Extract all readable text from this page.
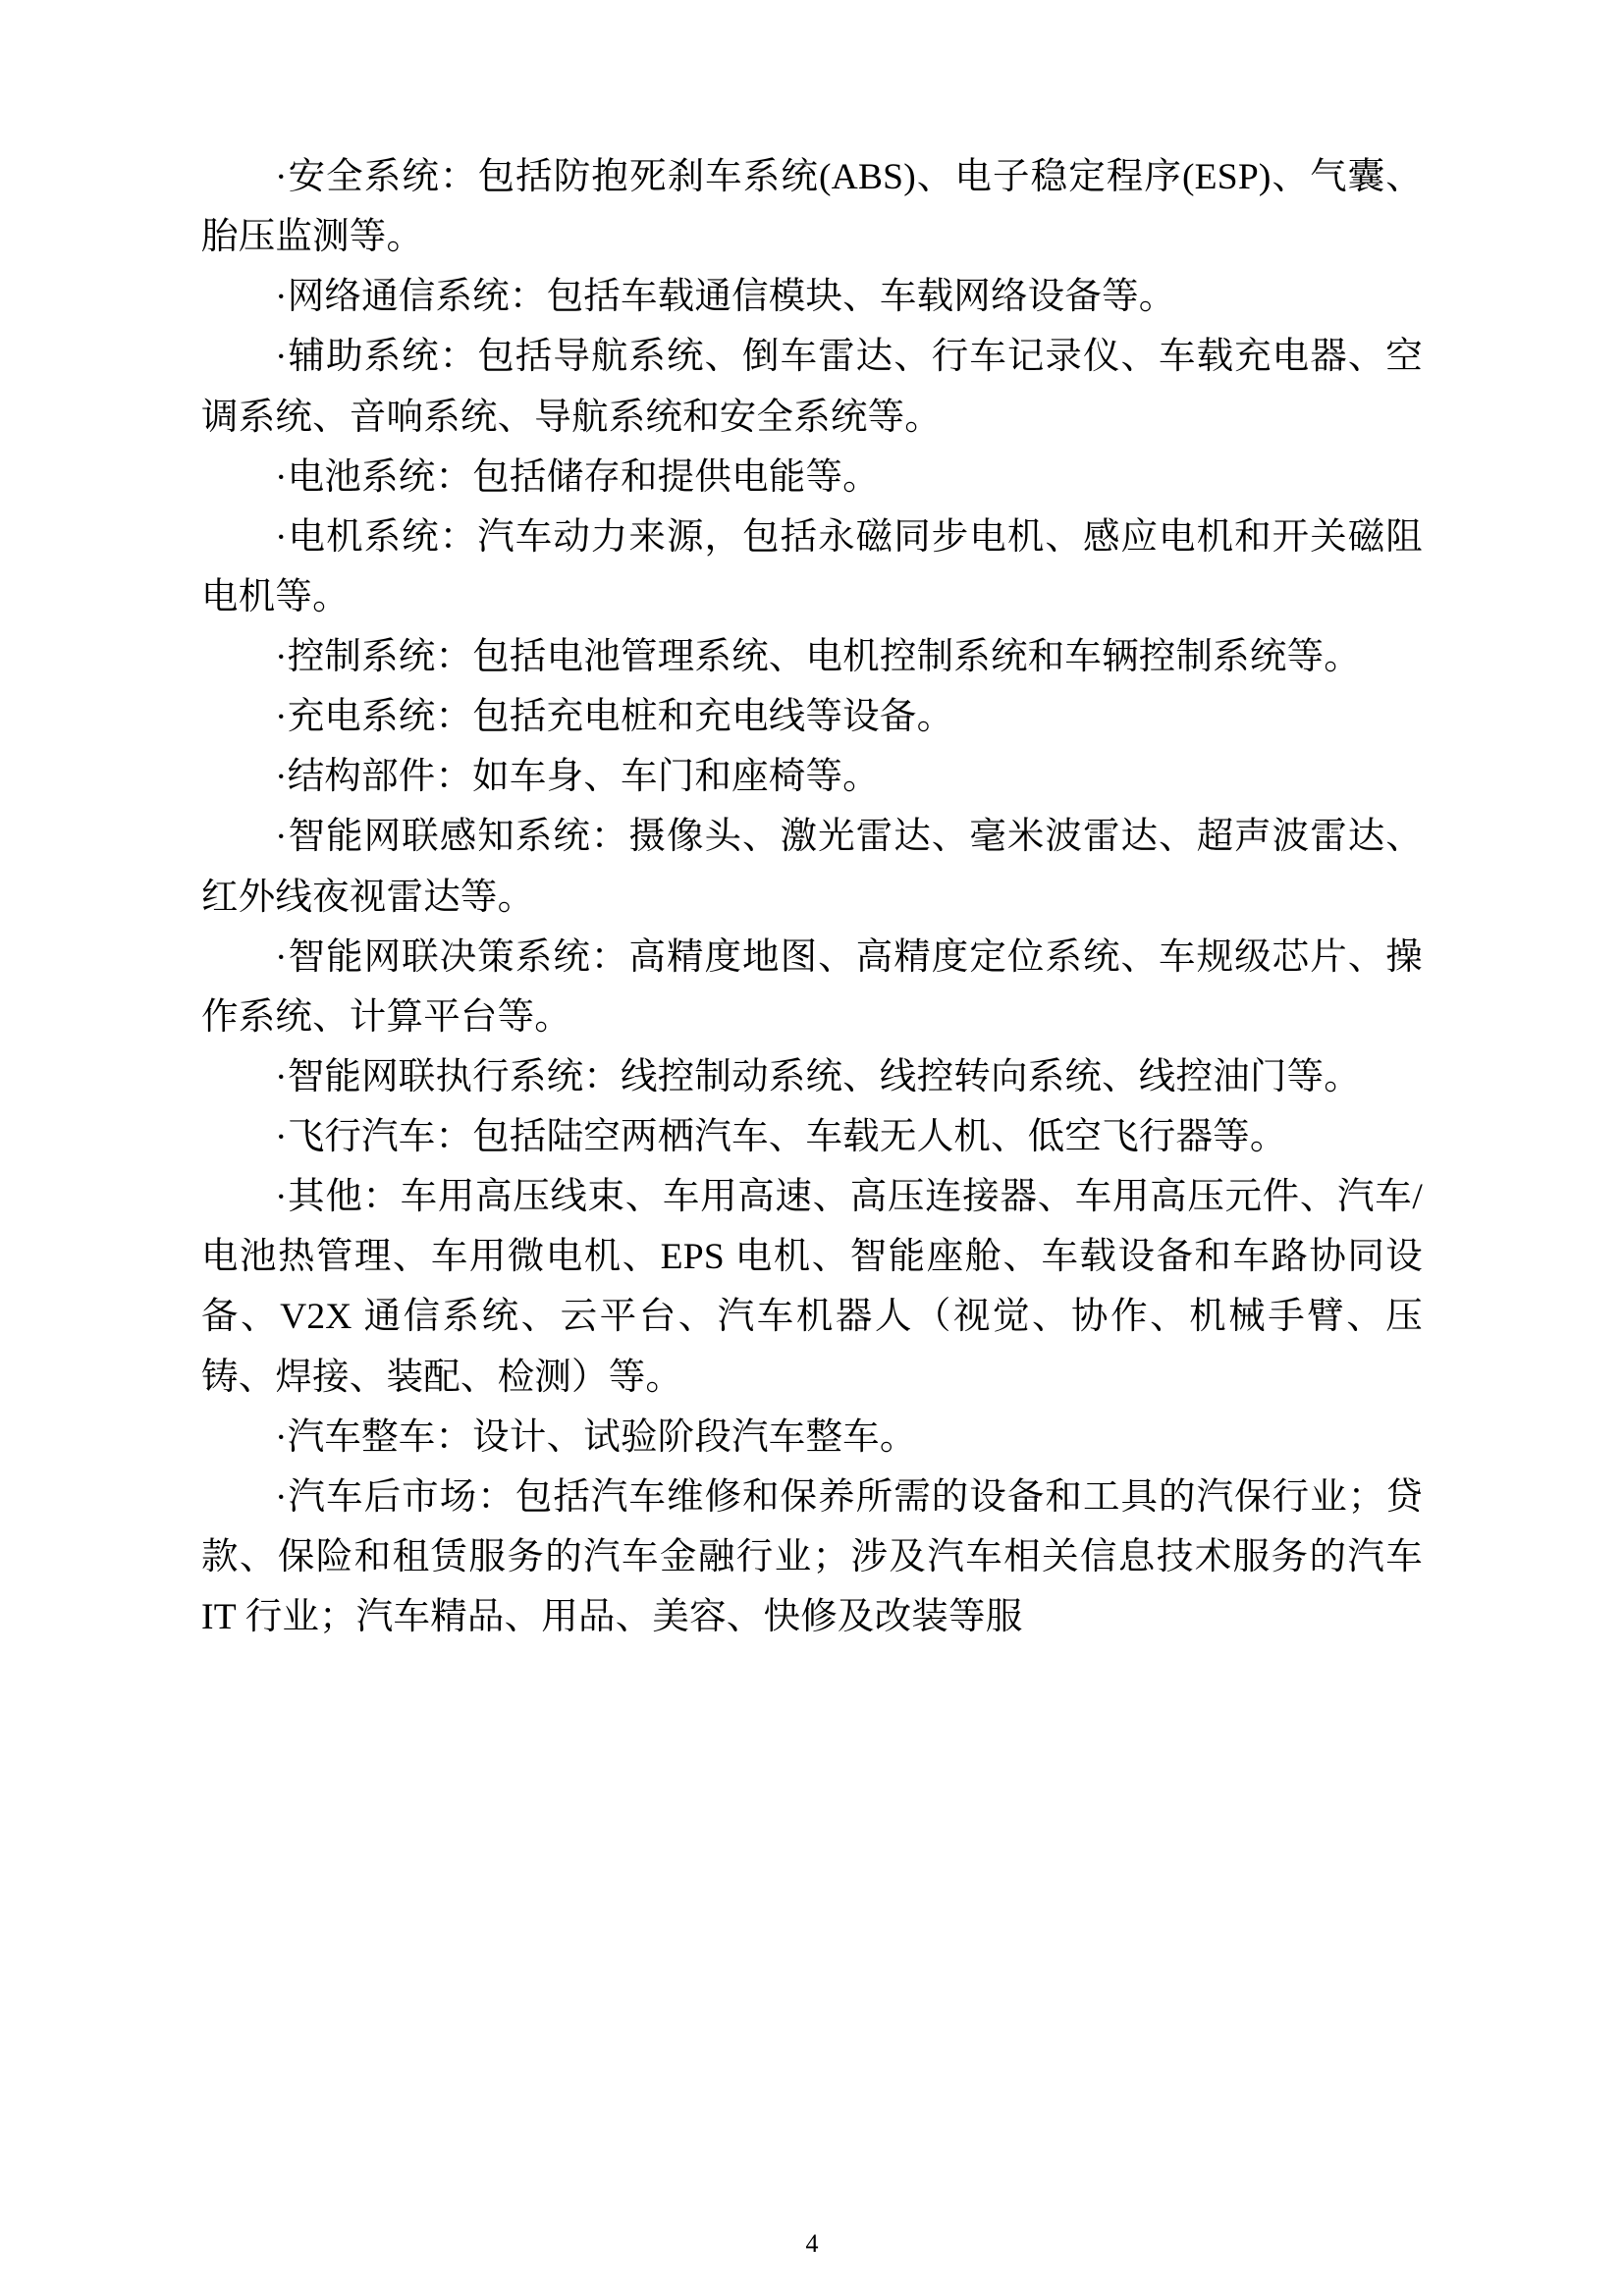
·安全系统：包括防抱死刹车系统(ABS)、电子稳定程序(ESP)、气囊、胎压监测等。

·网络通信系统：包括车载通信模块、车载网络设备等。

·辅助系统：包括导航系统、倒车雷达、行车记录仪、车载充电器、空调系统、音响系统、导航系统和安全系统等。

·电池系统：包括储存和提供电能等。

·电机系统：汽车动力来源，包括永磁同步电机、感应电机和开关磁阻电机等。

·控制系统：包括电池管理系统、电机控制系统和车辆控制系统等。

·充电系统：包括充电桩和充电线等设备。

·结构部件：如车身、车门和座椅等。

·智能网联感知系统：摄像头、激光雷达、毫米波雷达、超声波雷达、红外线夜视雷达等。

·智能网联决策系统：高精度地图、高精度定位系统、车规级芯片、操作系统、计算平台等。

·智能网联执行系统：线控制动系统、线控转向系统、线控油门等。

·飞行汽车：包括陆空两栖汽车、车载无人机、低空飞行器等。

·其他：车用高压线束、车用高速、高压连接器、车用高压元件、汽车/电池热管理、车用微电机、EPS 电机、智能座舱、车载设备和车路协同设备、V2X 通信系统、云平台、汽车机器人（视觉、协作、机械手臂、压铸、焊接、装配、检测）等。

·汽车整车：设计、试验阶段汽车整车。

·汽车后市场：包括汽车维修和保养所需的设备和工具的汽保行业；贷款、保险和租赁服务的汽车金融行业；涉及汽车相关信息技术服务的汽车 IT 行业；汽车精品、用品、美容、快修及改装等服

4
